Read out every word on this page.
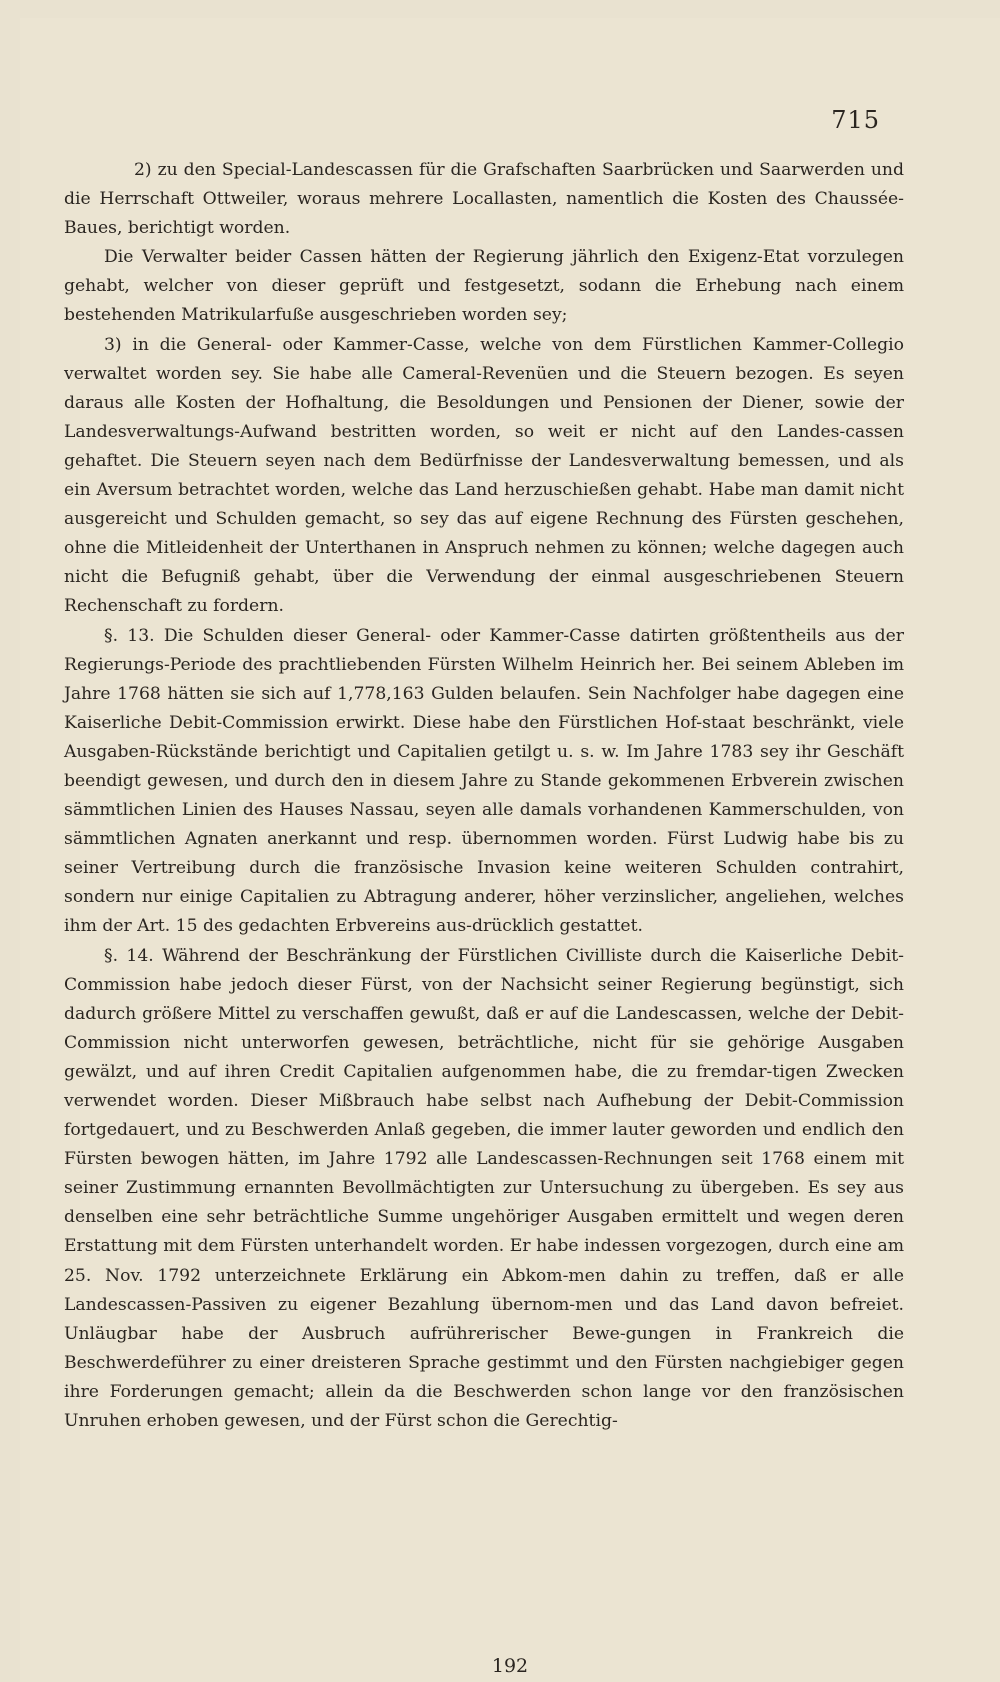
715

2) zu den Special-Landescassen für die Grafschaften Saarbrücken und Saarwerden und die Herrschaft Ottweiler, woraus mehrere Locallasten, namentlich die Kosten des Chaussée-Baues, berichtigt worden.

Die Verwalter beider Cassen hätten der Regierung jährlich den Exigenz-Etat vorzulegen gehabt, welcher von dieser geprüft und festgesetzt, sodann die Erhebung nach einem bestehenden Matrikularfuße ausgeschrieben worden sey;

3) in die General- oder Kammer-Casse, welche von dem Fürstlichen Kammer-Collegio verwaltet worden sey. Sie habe alle Cameral-Revenüen und die Steuern bezogen. Es seyen daraus alle Kosten der Hofhaltung, die Besoldungen und Pensionen der Diener, sowie der Landesverwaltungs-Aufwand bestritten worden, so weit er nicht auf den Landes-cassen gehaftet. Die Steuern seyen nach dem Bedürfnisse der Landesverwaltung bemessen, und als ein Aversum betrachtet worden, welche das Land herzuschießen gehabt. Habe man damit nicht ausgereicht und Schulden gemacht, so sey das auf eigene Rechnung des Fürsten geschehen, ohne die Mitleidenheit der Unterthanen in Anspruch nehmen zu können; welche dagegen auch nicht die Befugniß gehabt, über die Verwendung der einmal ausgeschriebenen Steuern Rechenschaft zu fordern.

§. 13. Die Schulden dieser General- oder Kammer-Casse datirten größtentheils aus der Regierungs-Periode des prachtliebenden Fürsten Wilhelm Heinrich her. Bei seinem Ableben im Jahre 1768 hätten sie sich auf 1,778,163 Gulden belaufen. Sein Nachfolger habe dagegen eine Kaiserliche Debit-Commission erwirkt. Diese habe den Fürstlichen Hof-staat beschränkt, viele Ausgaben-Rückstände berichtigt und Capitalien getilgt u. s. w. Im Jahre 1783 sey ihr Geschäft beendigt gewesen, und durch den in diesem Jahre zu Stande gekommenen Erbverein zwischen sämmtlichen Linien des Hauses Nassau, seyen alle damals vorhandenen Kammerschulden, von sämmtlichen Agnaten anerkannt und resp. übernommen worden. Fürst Ludwig habe bis zu seiner Vertreibung durch die französische Invasion keine weiteren Schulden contrahirt, sondern nur einige Capitalien zu Abtragung anderer, höher verzinslicher, angeliehen, welches ihm der Art. 15 des gedachten Erbvereins aus-drücklich gestattet.

§. 14. Während der Beschränkung der Fürstlichen Civilliste durch die Kaiserliche Debit-Commission habe jedoch dieser Fürst, von der Nachsicht seiner Regierung begünstigt, sich dadurch größere Mittel zu verschaffen gewußt, daß er auf die Landescassen, welche der Debit-Commission nicht unterworfen gewesen, beträchtliche, nicht für sie gehörige Ausgaben gewälzt, und auf ihren Credit Capitalien aufgenommen habe, die zu fremdar-tigen Zwecken verwendet worden. Dieser Mißbrauch habe selbst nach Aufhebung der Debit-Commission fortgedauert, und zu Beschwerden Anlaß gegeben, die immer lauter geworden und endlich den Fürsten bewogen hätten, im Jahre 1792 alle Landescassen-Rechnungen seit 1768 einem mit seiner Zustimmung ernannten Bevollmächtigten zur Untersuchung zu übergeben. Es sey aus denselben eine sehr beträchtliche Summe ungehöriger Ausgaben ermittelt und wegen deren Erstattung mit dem Fürsten unterhandelt worden. Er habe indessen vorgezogen, durch eine am 25. Nov. 1792 unterzeichnete Erklärung ein Abkom-men dahin zu treffen, daß er alle Landescassen-Passiven zu eigener Bezahlung übernom-men und das Land davon befreiet. Unläugbar habe der Ausbruch aufrührerischer Bewe-gungen in Frankreich die Beschwerdeführer zu einer dreisteren Sprache gestimmt und den Fürsten nachgiebiger gegen ihre Forderungen gemacht; allein da die Beschwerden schon lange vor den französischen Unruhen erhoben gewesen, und der Fürst schon die Gerechtig-

192
